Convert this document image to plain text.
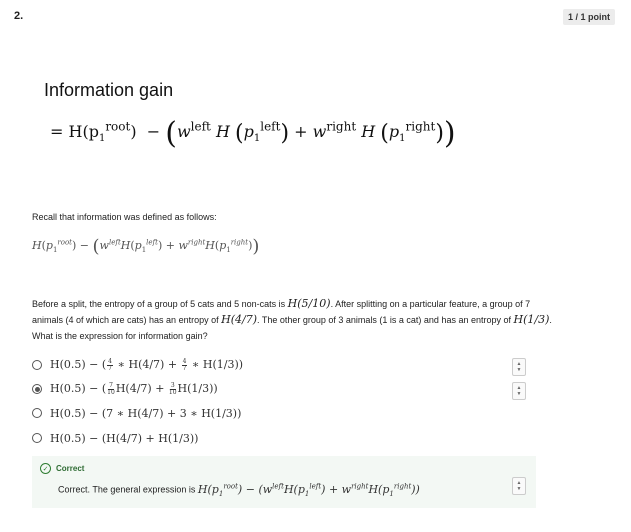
2.	1 / 1 point
Information gain
= $H(p_1^{root}) - (w^{left}$ H $(p_1^{left}) + w^{right}$ H $(p_1^{right})$)
Recall that information was defined as follows:
$H(p_1^{root}) - (w^{left}H(p_1^{left}) + w^{right}H(p_1^{right}))$
Before a split, the entropy of a group of 5 cats and 5 non-cats is H(5/10). After splitting on a particular feature, a group of 7 animals (4 of which are cats) has an entropy of H(4/7). The other group of 3 animals (1 is a cat) and has an entropy of H(1/3). What is the expression for information gain?
H(0.5) − ( $\frac{4}{7}$ ∗ $H(4/7) + \frac{4}{7}$ ∗ H(1/3))	▲
▼
H(0.5) − ( $\frac{7}{10} H(4/7) + \frac{3}{10} H(1/3)$)	▲
▼
H(0.5) − (7 ∗ H(4/7) + 3 ∗ H(1/3))
H(0.5) − (H(4/7) + H(1/3))
✓ Correct
Correct. The general expression is $H(p_1^{root}) - (w^{left}H(p_1^{left}) + w^{right}H(p_1^{right}))$	▲
▼
